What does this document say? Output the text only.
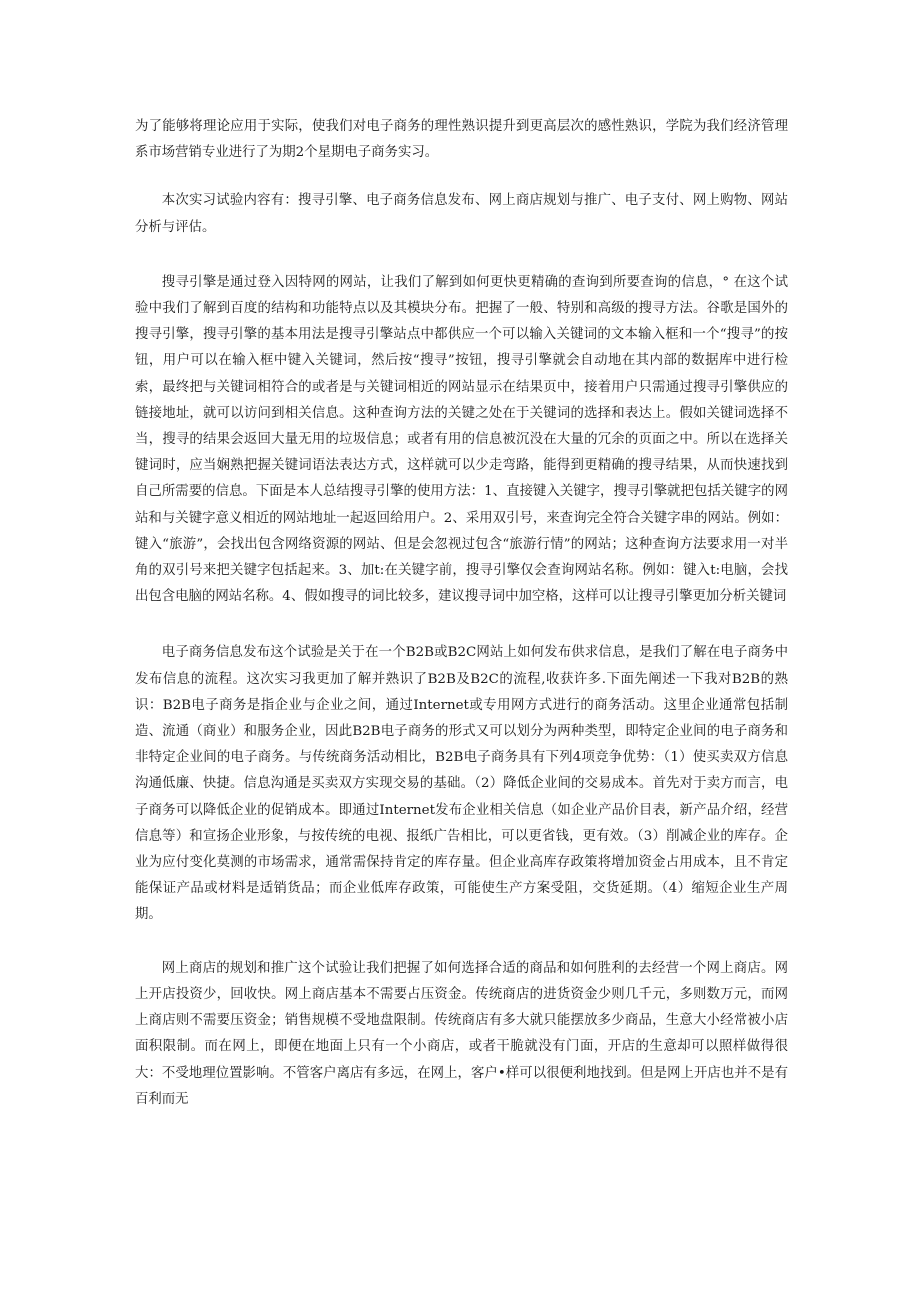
为了能够将理论应用于实际，使我们对电子商务的理性熟识提升到更高层次的感性熟识，学院为我们经济管理系市场营销专业进行了为期2个星期电子商务实习。

本次实习试验内容有：搜寻引擎、电子商务信息发布、网上商店规划与推广、电子支付、网上购物、网站分析与评估。

搜寻引擎是通过登入因特网的网站，让我们了解到如何更快更精确的查询到所要查询的信息，° 在这个试验中我们了解到百度的结构和功能特点以及其模块分布。把握了一般、特别和高级的搜寻方法。谷歌是国外的搜寻引擎，搜寻引擎的基本用法是搜寻引擎站点中都供应一个可以输入关键词的文本输入框和一个“搜寻”的按钮，用户可以在输入框中键入关键词，然后按“搜寻”按钮，搜寻引擎就会自动地在其内部的数据库中进行检索，最终把与关键词相符合的或者是与关键词相近的网站显示在结果页中，接着用户只需通过搜寻引擎供应的链接地址，就可以访问到相关信息。这种查询方法的关键之处在于关键词的选择和表达上。假如关键词选择不当，搜寻的结果会返回大量无用的垃圾信息；或者有用的信息被沉没在大量的冗余的页面之中。所以在选择关键词时，应当娴熟把握关键词语法表达方式，这样就可以少走弯路，能得到更精确的搜寻结果，从而快速找到自己所需要的信息。下面是本人总结搜寻引擎的使用方法：1、直接键入关键字，搜寻引擎就把包括关键字的网站和与关键字意义相近的网站地址一起返回给用户。2、采用双引号，来查询完全符合关键字串的网站。例如：键入“旅游”，会找出包含网络资源的网站、但是会忽视过包含“旅游行情”的网站；这种查询方法要求用一对半角的双引号来把关键字包括起来。3、加t:在关键字前，搜寻引擎仅会查询网站名称。例如：键入t:电脑，会找出包含电脑的网站名称。4、假如搜寻的词比较多，建议搜寻词中加空格，这样可以让搜寻引擎更加分析关键词

电子商务信息发布这个试验是关于在一个B2B或B2C网站上如何发布供求信息，是我们了解在电子商务中发布信息的流程。这次实习我更加了解并熟识了B2B及B2C的流程,收获许多.下面先阐述一下我对B2B的熟识：B2B电子商务是指企业与企业之间，通过Internet或专用网方式进行的商务活动。这里企业通常包括制造、流通（商业）和服务企业，因此B2B电子商务的形式又可以划分为两种类型，即特定企业间的电子商务和非特定企业间的电子商务。与传统商务活动相比，B2B电子商务具有下列4项竞争优势：（1）使买卖双方信息沟通低廉、快捷。信息沟通是买卖双方实现交易的基础。（2）降低企业间的交易成本。首先对于卖方而言，电子商务可以降低企业的促销成本。即通过Internet发布企业相关信息（如企业产品价目表，新产品介绍，经营信息等）和宣扬企业形象，与按传统的电视、报纸广告相比，可以更省钱，更有效。（3）削减企业的库存。企业为应付变化莫测的市场需求，通常需保持肯定的库存量。但企业高库存政策将增加资金占用成本，且不肯定能保证产品或材料是适销货品；而企业低库存政策，可能使生产方案受阻，交货延期。（4）缩短企业生产周期。

网上商店的规划和推广这个试验让我们把握了如何选择合适的商品和如何胜利的去经营一个网上商店。网上开店投资少，回收快。网上商店基本不需要占压资金。传统商店的进货资金少则几千元，多则数万元，而网上商店则不需要压资金；销售规模不受地盘限制。传统商店有多大就只能摆放多少商品，生意大小经常被小店面积限制。而在网上，即便在地面上只有一个小商店，或者干脆就没有门面，开店的生意却可以照样做得很大：不受地理位置影响。不管客户离店有多远，在网上，客户•样可以很便利地找到。但是网上开店也并不是有百利而无
